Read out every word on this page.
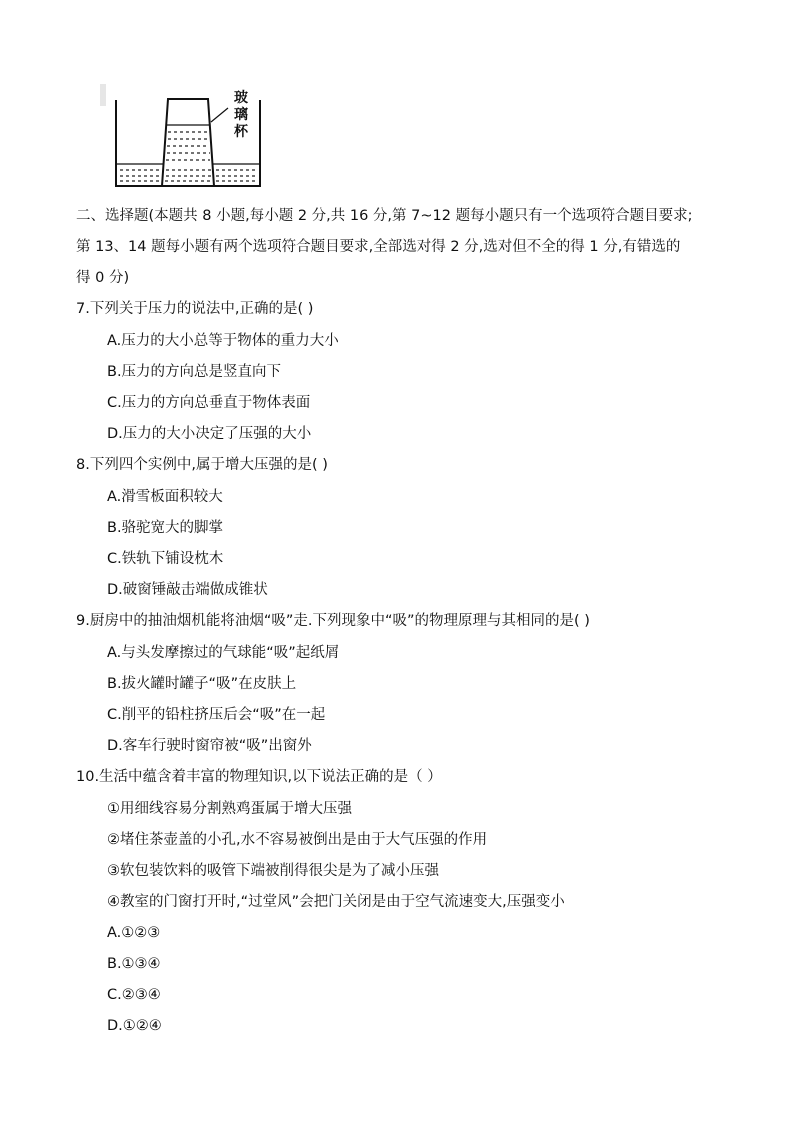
玻
璃
杯
二、选择题(本题共 8 小题,每小题 2 分,共 16 分,第 7~12 题每小题只有一个选项符合题目要求;
第 13、14 题每小题有两个选项符合题目要求,全部选对得 2 分,选对但不全的得 1 分,有错选的
得 0 分)
7.下列关于压力的说法中,正确的是( )
A.压力的大小总等于物体的重力大小
B.压力的方向总是竖直向下
C.压力的方向总垂直于物体表面
D.压力的大小决定了压强的大小
8.下列四个实例中,属于增大压强的是( )
A.滑雪板面积较大
B.骆驼宽大的脚掌
C.铁轨下铺设枕木
D.破窗锤敲击端做成锥状
9.厨房中的抽油烟机能将油烟“吸”走.下列现象中“吸”的物理原理与其相同的是( )
A.与头发摩擦过的气球能“吸”起纸屑
B.拔火罐时罐子“吸”在皮肤上
C.削平的铅柱挤压后会“吸”在一起
D.客车行驶时窗帘被“吸”出窗外
10.生活中蕴含着丰富的物理知识,以下说法正确的是（ ）
①用细线容易分割熟鸡蛋属于增大压强
②堵住茶壶盖的小孔,水不容易被倒出是由于大气压强的作用
③软包装饮料的吸管下端被削得很尖是为了减小压强
④教室的门窗打开时,“过堂风”会把门关闭是由于空气流速变大,压强变小
A.①②③
B.①③④
C.②③④
D.①②④
